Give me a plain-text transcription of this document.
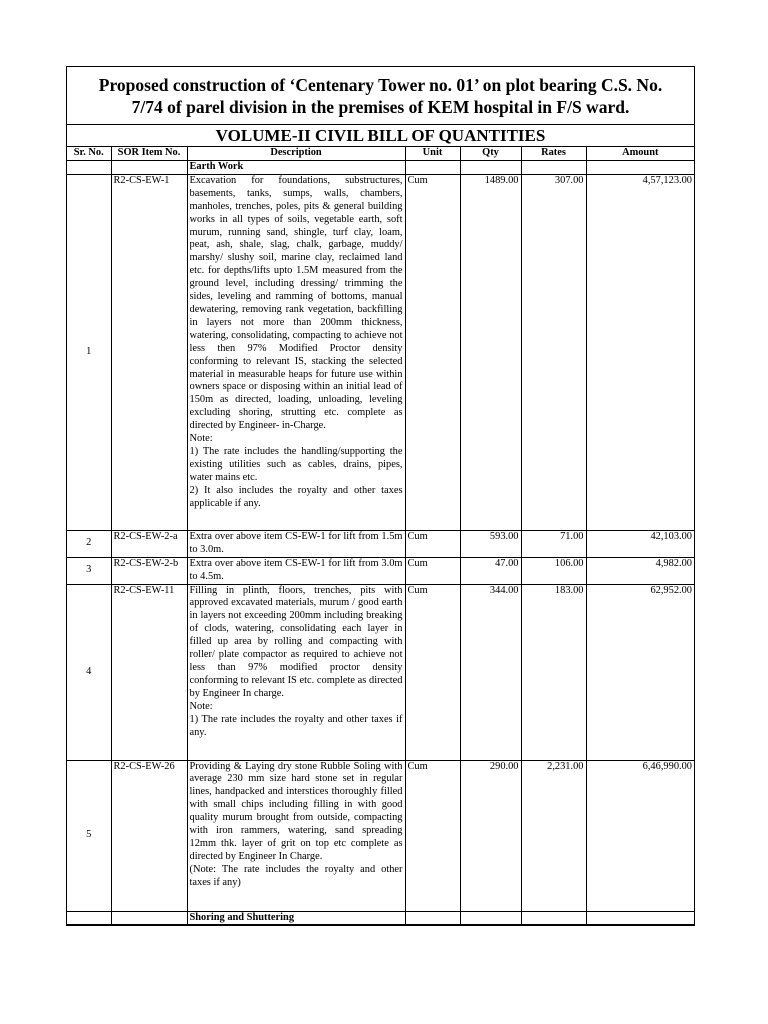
Proposed construction of ‘Centenary Tower no. 01’ on plot bearing C.S. No.
7/74 of parel division in the premises of KEM hospital in F/S ward.
VOLUME-II CIVIL BILL OF QUANTITIES
Sr. No.	SOR Item No.	Description	Unit	Qty	Rates	Amount
		Earth Work				
1	R2-CS-EW-1	Excavation for foundations, substructures, basements, tanks, sumps, walls, chambers, manholes, trenches, poles, pits & general building works in all types of soils, vegetable earth, soft murum, running sand, shingle, turf clay, loam, peat, ash, shale, slag, chalk, garbage, muddy/ marshy/ slushy soil, marine clay, reclaimed land etc. for depths/lifts upto 1.5M measured from the ground level, including dressing/ trimming the sides, leveling and ramming of bottoms, manual dewatering, removing rank vegetation, backfilling in layers not more than 200mm thickness, watering, consolidating, compacting to achieve not less then 97% Modified Proctor density conforming to relevant IS, stacking the selected material in measurable heaps for future use within owners space or disposing within an initial lead of 150m as directed, loading, unloading, leveling excluding shoring, strutting etc. complete as directed by Engineer- in-Charge.
Note:
1) The rate includes the handling/supporting the existing utilities such as cables, drains, pipes, water mains etc.
2) It also includes the royalty and other taxes applicable if any.	Cum	1489.00	307.00	4,57,123.00
2	R2-CS-EW-2-a	Extra over above item CS-EW-1 for lift from 1.5m to 3.0m.	Cum	593.00	71.00	42,103.00
3	R2-CS-EW-2-b	Extra over above item CS-EW-1 for lift from 3.0m to 4.5m.	Cum	47.00	106.00	4,982.00
4	R2-CS-EW-11	Filling in plinth, floors, trenches, pits with approved excavated materials, murum / good earth in layers not exceeding 200mm including breaking of clods, watering, consolidating each layer in filled up area by rolling and compacting with roller/ plate compactor as required to achieve not less than 97% modified proctor density conforming to relevant IS etc. complete as directed by Engineer In charge.
Note:
1) The rate includes the royalty and other taxes if any.	Cum	344.00	183.00	62,952.00
5	R2-CS-EW-26	Providing & Laying dry stone Rubble Soling with average 230 mm size hard stone set in regular lines, handpacked and interstices thoroughly filled with small chips including filling in with good quality murum brought from outside, compacting with iron rammers, watering, sand spreading 12mm thk. layer of grit on top etc complete as directed by Engineer In Charge.
(Note: The rate includes the royalty and other taxes if any)	Cum	290.00	2,231.00	6,46,990.00
		Shoring and Shuttering				
